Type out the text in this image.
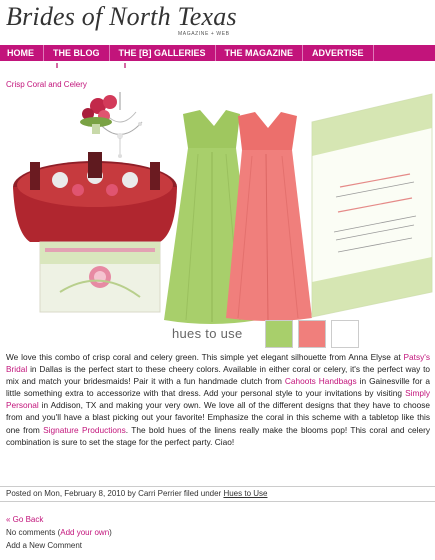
Brides of North Texas
MAGAZINE + WEB
HOME	THE BLOG	THE [B] GALLERIES	THE MAGAZINE	ADVERTISE
Crisp Coral and Celery
hues to use
We love this combo of crisp coral and celery green. This simple yet elegant silhouette from Anna Elyse at Patsy's Bridal in Dallas is the perfect start to these cheery colors. Available in either coral or celery, it's the perfect way to mix and match your bridesmaids! Pair it with a fun handmade clutch from Cahoots Handbags in Gainesville for a little something extra to accessorize with that dress. Add your personal style to your invitations by visiting Simply Personal in Addison, TX and making your very own. We love all of the different designs that they have to choose from and you'll have a blast picking out your favorite! Emphasize the coral in this scheme with a tabletop like this one from Signature Productions. The bold hues of the linens really make the blooms pop! This coral and celery combination is sure to set the stage for the perfect party. Ciao!
Posted on Mon, February 8, 2010 by Carri Perrier filed under Hues to Use
« Go Back
No comments (Add your own)
Add a New Comment
